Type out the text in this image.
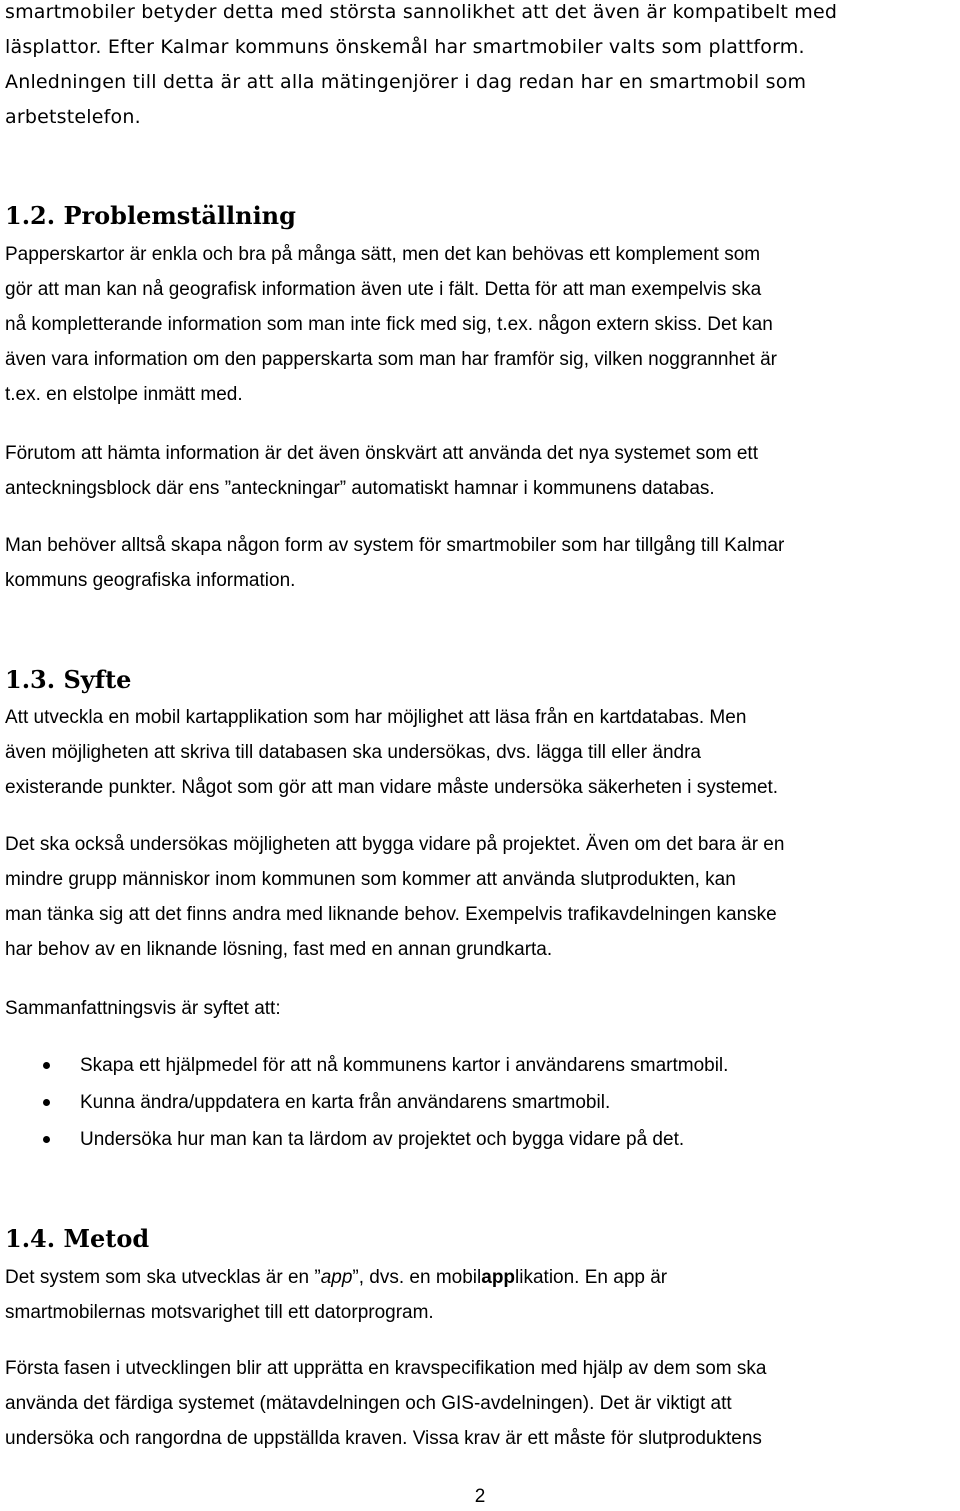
smartmobiler betyder detta med största sannolikhet att det även är kompatibelt med
läsplattor. Efter Kalmar kommuns önskemål har smartmobiler valts som plattform.
Anledningen till detta är att alla mätingenjörer i dag redan har en smartmobil som
arbetstelefon.

1.2. Problemställning

Papperskartor är enkla och bra på många sätt, men det kan behövas ett komplement som
gör att man kan nå geografisk information även ute i fält. Detta för att man exempelvis ska
nå kompletterande information som man inte fick med sig, t.ex. någon extern skiss. Det kan
även vara information om den papperskarta som man har framför sig, vilken noggrannhet är
t.ex. en elstolpe inmätt med.

Förutom att hämta information är det även önskvärt att använda det nya systemet som ett
anteckningsblock där ens ”anteckningar” automatiskt hamnar i kommunens databas.

Man behöver alltså skapa någon form av system för smartmobiler som har tillgång till Kalmar
kommuns geografiska information.

1.3. Syfte

Att utveckla en mobil kartapplikation som har möjlighet att läsa från en kartdatabas. Men
även möjligheten att skriva till databasen ska undersökas, dvs. lägga till eller ändra
existerande punkter. Något som gör att man vidare måste undersöka säkerheten i systemet.

Det ska också undersökas möjligheten att bygga vidare på projektet. Även om det bara är en
mindre grupp människor inom kommunen som kommer att använda slutprodukten, kan
man tänka sig att det finns andra med liknande behov. Exempelvis trafikavdelningen kanske
har behov av en liknande lösning, fast med en annan grundkarta.

Sammanfattningsvis är syftet att:

Skapa ett hjälpmedel för att nå kommunens kartor i användarens smartmobil.
Kunna ändra/uppdatera en karta från användarens smartmobil.
Undersöka hur man kan ta lärdom av projektet och bygga vidare på det.
1.4. Metod

Det system som ska utvecklas är en ”app”, dvs. en mobilapplikation. En app är
smartmobilernas motsvarighet till ett datorprogram.

Första fasen i utvecklingen blir att upprätta en kravspecifikation med hjälp av dem som ska
använda det färdiga systemet (mätavdelningen och GIS-avdelningen). Det är viktigt att
undersöka och rangordna de uppställda kraven. Vissa krav är ett måste för slutproduktens

2
